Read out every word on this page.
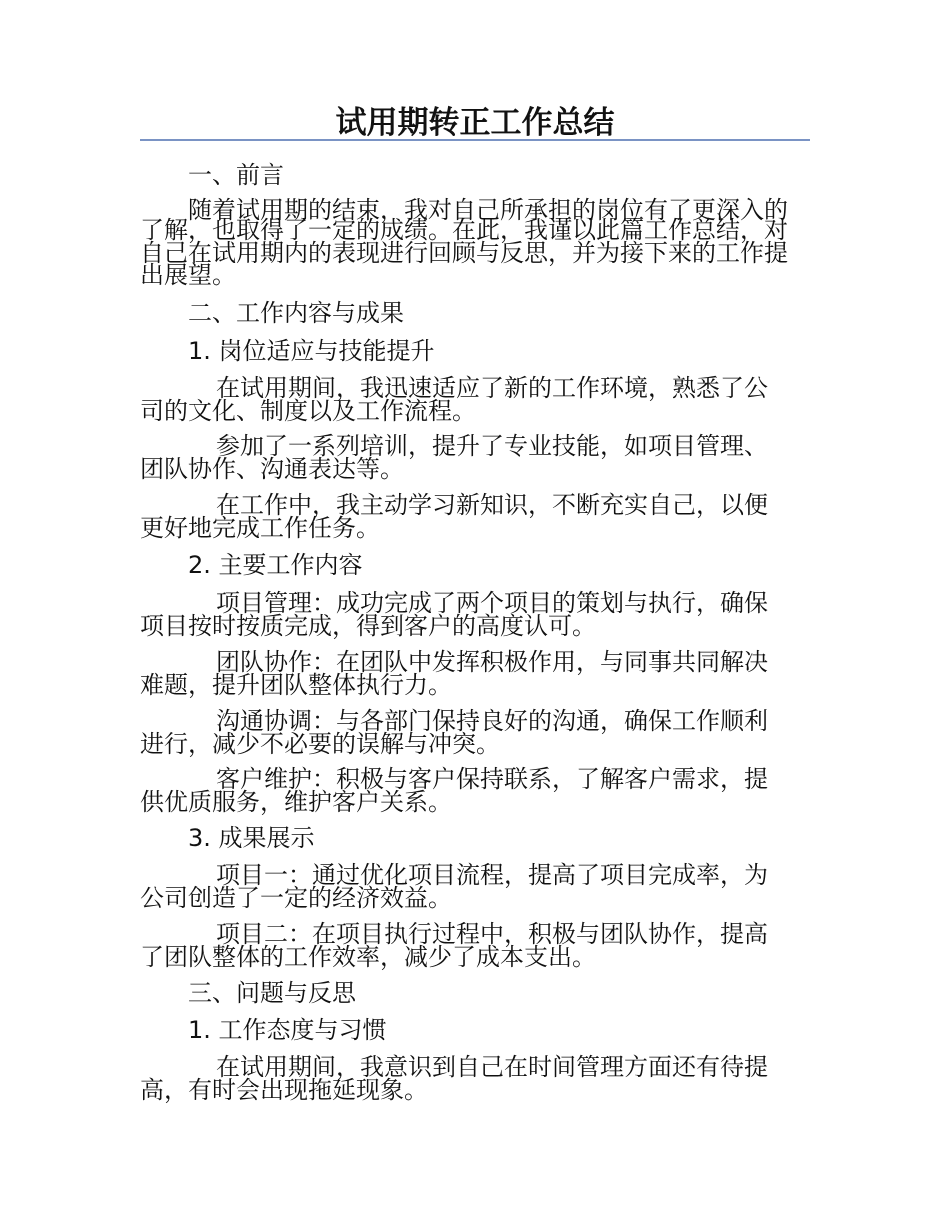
试用期转正工作总结

一、前言

随着试用期的结束，我对自己所承担的岗位有了更深入的

了解，也取得了一定的成绩。在此，我谨以此篇工作总结，对

自己在试用期内的表现进行回顾与反思，并为接下来的工作提

出展望。

二、工作内容与成果

1. 岗位适应与技能提升

在试用期间，我迅速适应了新的工作环境，熟悉了公

司的文化、制度以及工作流程。

参加了一系列培训，提升了专业技能，如项目管理、

团队协作、沟通表达等。

在工作中，我主动学习新知识，不断充实自己，以便

更好地完成工作任务。

2. 主要工作内容

项目管理：成功完成了两个项目的策划与执行，确保

项目按时按质完成，得到客户的高度认可。

团队协作：在团队中发挥积极作用，与同事共同解决

难题，提升团队整体执行力。

沟通协调：与各部门保持良好的沟通，确保工作顺利

进行，减少不必要的误解与冲突。

客户维护：积极与客户保持联系，了解客户需求，提

供优质服务，维护客户关系。

3. 成果展示

项目一：通过优化项目流程，提高了项目完成率，为

公司创造了一定的经济效益。

项目二：在项目执行过程中，积极与团队协作，提高

了团队整体的工作效率，减少了成本支出。

三、问题与反思

1. 工作态度与习惯

在试用期间，我意识到自己在时间管理方面还有待提

高，有时会出现拖延现象。
